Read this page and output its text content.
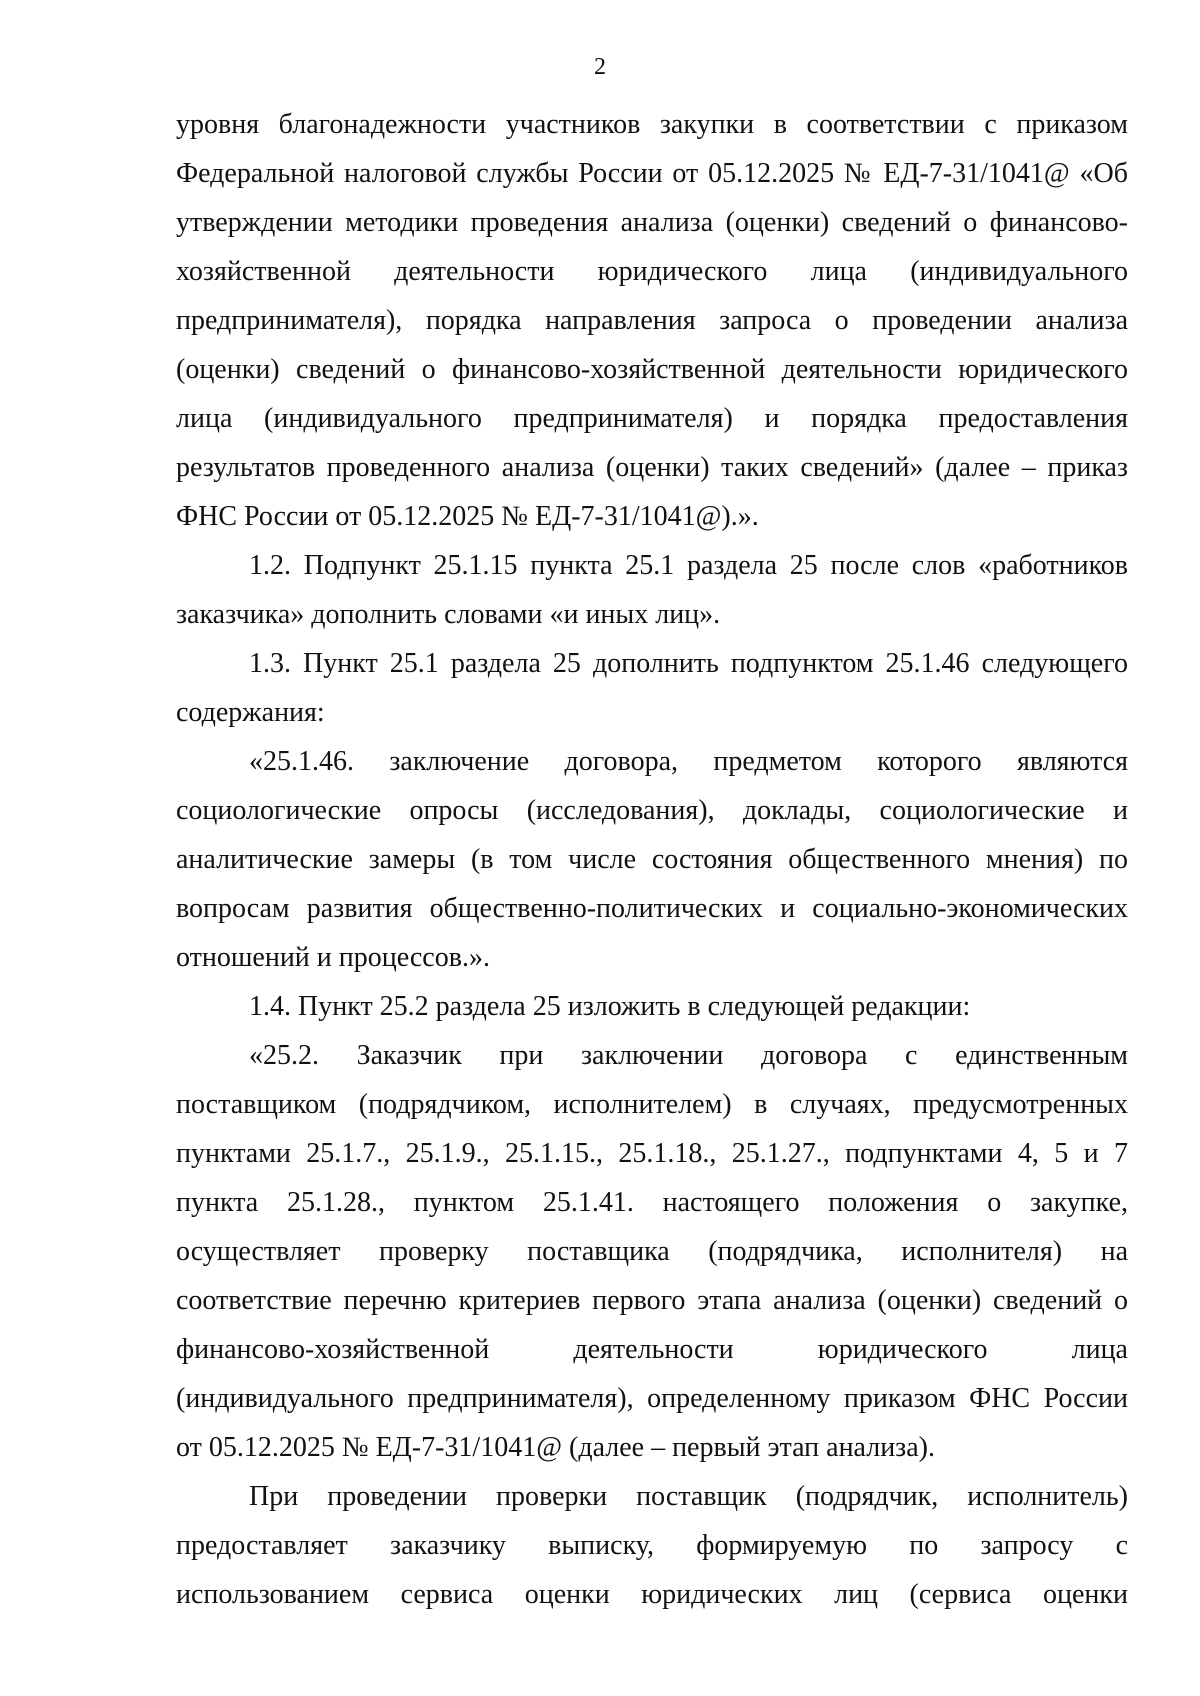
2
уровня благонадежности участников закупки в соответствии с приказом
Федеральной налоговой службы России от 05.12.2025 № ЕД-7-31/1041@ «Об
утверждении методики проведения анализа (оценки) сведений о финансово-
хозяйственной деятельности юридического лица (индивидуального
предпринимателя), порядка направления запроса о проведении анализа
(оценки) сведений о финансово-хозяйственной деятельности юридического
лица (индивидуального предпринимателя) и порядка предоставления
результатов проведенного анализа (оценки) таких сведений» (далее – приказ
ФНС России от 05.12.2025 № ЕД-7-31/1041@).».
1.2. Подпункт 25.1.15 пункта 25.1 раздела 25 после слов «работников
заказчика» дополнить словами «и иных лиц».
1.3. Пункт 25.1 раздела 25 дополнить подпунктом 25.1.46 следующего
содержания:
«25.1.46. заключение договора, предметом которого являются
социологические опросы (исследования), доклады, социологические и
аналитические замеры (в том числе состояния общественного мнения) по
вопросам развития общественно-политических и социально-экономических
отношений и процессов.».
1.4. Пункт 25.2 раздела 25 изложить в следующей редакции:
«25.2. Заказчик при заключении договора с единственным
поставщиком (подрядчиком, исполнителем) в случаях, предусмотренных
пунктами 25.1.7., 25.1.9., 25.1.15., 25.1.18., 25.1.27., подпунктами 4, 5 и 7
пункта 25.1.28., пунктом 25.1.41. настоящего положения о закупке,
осуществляет проверку поставщика (подрядчика, исполнителя) на
соответствие перечню критериев первого этапа анализа (оценки) сведений о
финансово-хозяйственной деятельности юридического лица
(индивидуального предпринимателя), определенному приказом ФНС России
от 05.12.2025 № ЕД-7-31/1041@ (далее – первый этап анализа).
При проведении проверки поставщик (подрядчик, исполнитель)
предоставляет заказчику выписку, формируемую по запросу с
использованием сервиса оценки юридических лиц (сервиса оценки
